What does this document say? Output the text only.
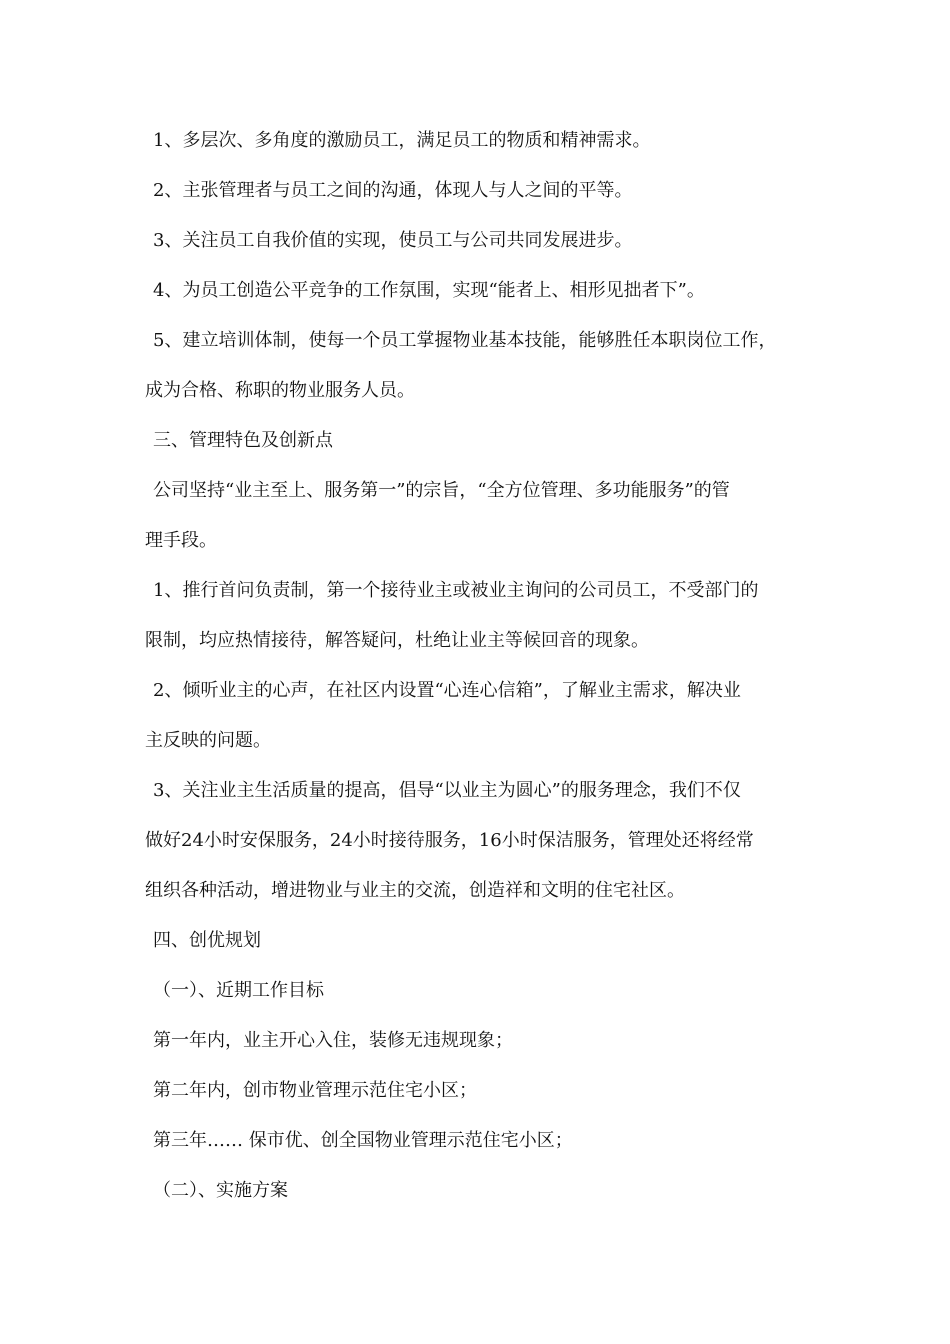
1、多层次、多角度的激励员工，满足员工的物质和精神需求。
2、主张管理者与员工之间的沟通，体现人与人之间的平等。
3、关注员工自我价值的实现，使员工与公司共同发展进步。
4、为员工创造公平竞争的工作氛围，实现“能者上、相形见拙者下”。
5、建立培训体制，使每一个员工掌握物业基本技能，能够胜任本职岗位工作，
成为合格、称职的物业服务人员。
三、管理特色及创新点
公司坚持“业主至上、服务第一”的宗旨，“全方位管理、多功能服务”的管
理手段。
1、推行首问负责制，第一个接待业主或被业主询问的公司员工，不受部门的
限制，均应热情接待，解答疑问，杜绝让业主等候回音的现象。
2、倾听业主的心声，在社区内设置“心连心信箱”，了解业主需求，解决业
主反映的问题。
3、关注业主生活质量的提高，倡导“以业主为圆心”的服务理念，我们不仅
做好24小时安保服务，24小时接待服务，16小时保洁服务，管理处还将经常
组织各种活动，增进物业与业主的交流，创造祥和文明的住宅社区。
四、创优规划
（一）、近期工作目标
第一年内，业主开心入住，装修无违规现象；
第二年内，创市物业管理示范住宅小区；
第三年…… 保市优、创全国物业管理示范住宅小区；
（二）、实施方案
